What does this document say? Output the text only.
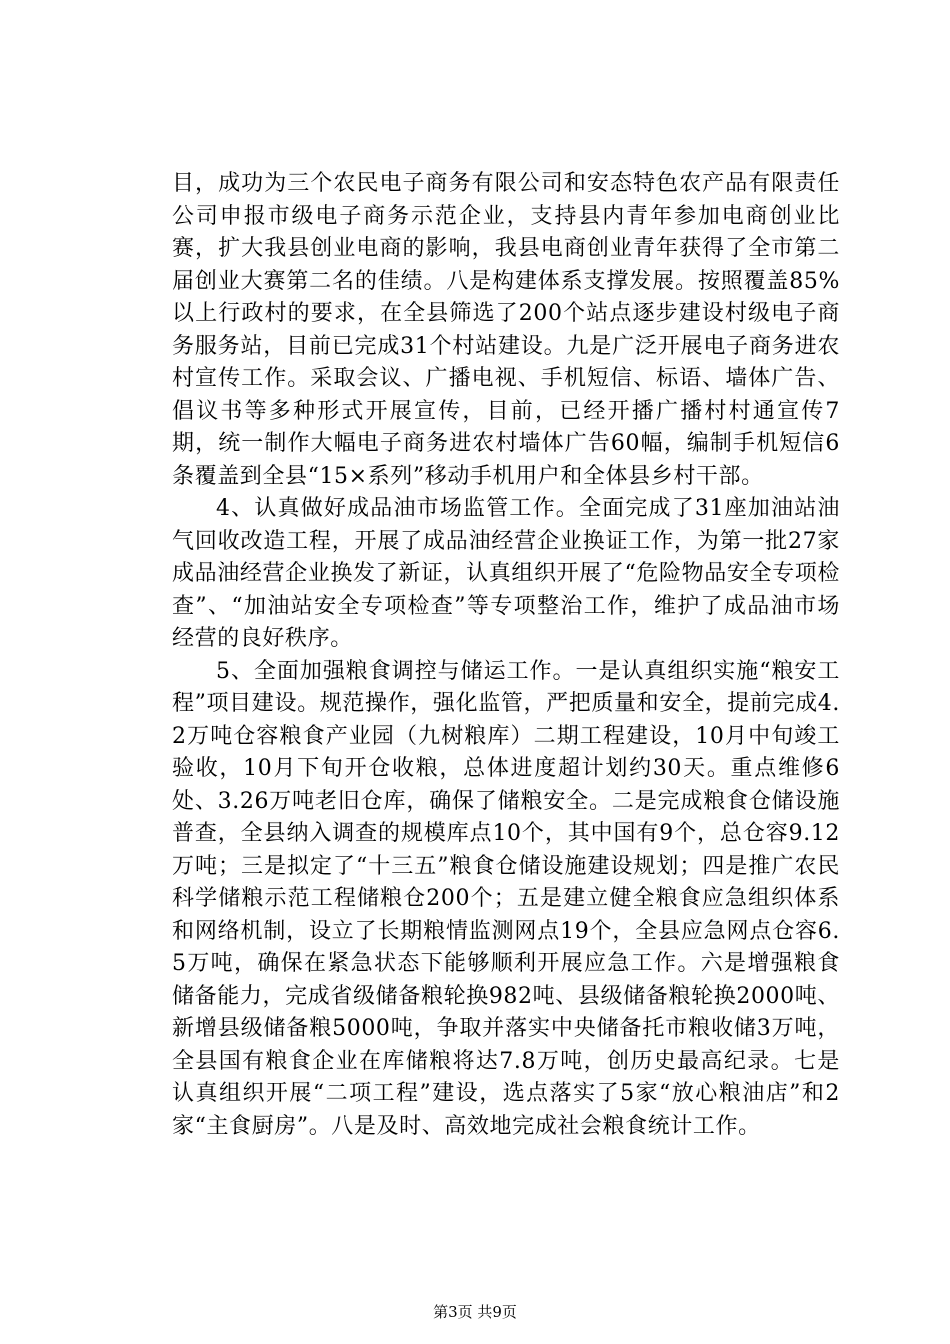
目，成功为三个农民电子商务有限公司和安态特色农产品有限责任公司申报市级电子商务示范企业，支持县内青年参加电商创业比赛，扩大我县创业电商的影响，我县电商创业青年获得了全市第二届创业大赛第二名的佳绩。八是构建体系支撑发展。按照覆盖85%以上行政村的要求，在全县筛选了200个站点逐步建设村级电子商务服务站，目前已完成31个村站建设。九是广泛开展电子商务进农村宣传工作。采取会议、广播电视、手机短信、标语、墙体广告、倡议书等多种形式开展宣传，目前，已经开播广播村村通宣传7期，统一制作大幅电子商务进农村墙体广告60幅，编制手机短信6条覆盖到全县“15×系列”移动手机用户和全体县乡村干部。

4、认真做好成品油市场监管工作。全面完成了31座加油站油气回收改造工程，开展了成品油经营企业换证工作，为第一批27家成品油经营企业换发了新证，认真组织开展了“危险物品安全专项检查”、“加油站安全专项检查”等专项整治工作，维护了成品油市场经营的良好秩序。

5、全面加强粮食调控与储运工作。一是认真组织实施“粮安工程”项目建设。规范操作，强化监管，严把质量和安全，提前完成4.2万吨仓容粮食产业园（九树粮库）二期工程建设，10月中旬竣工验收，10月下旬开仓收粮，总体进度超计划约30天。重点维修6处、3.26万吨老旧仓库，确保了储粮安全。二是完成粮食仓储设施普查，全县纳入调查的规模库点10个，其中国有9个，总仓容9.12万吨；三是拟定了“十三五”粮食仓储设施建设规划；四是推广农民科学储粮示范工程储粮仓200个；五是建立健全粮食应急组织体系和网络机制，设立了长期粮情监测网点19个，全县应急网点仓容6.5万吨，确保在紧急状态下能够顺利开展应急工作。六是增强粮食储备能力，完成省级储备粮轮换982吨、县级储备粮轮换2000吨、新增县级储备粮5000吨，争取并落实中央储备托市粮收储3万吨，全县国有粮食企业在库储粮将达7.8万吨，创历史最高纪录。七是认真组织开展“二项工程”建设，选点落实了5家“放心粮油店”和2家“主食厨房”。八是及时、高效地完成社会粮食统计工作。

第3页 共9页
